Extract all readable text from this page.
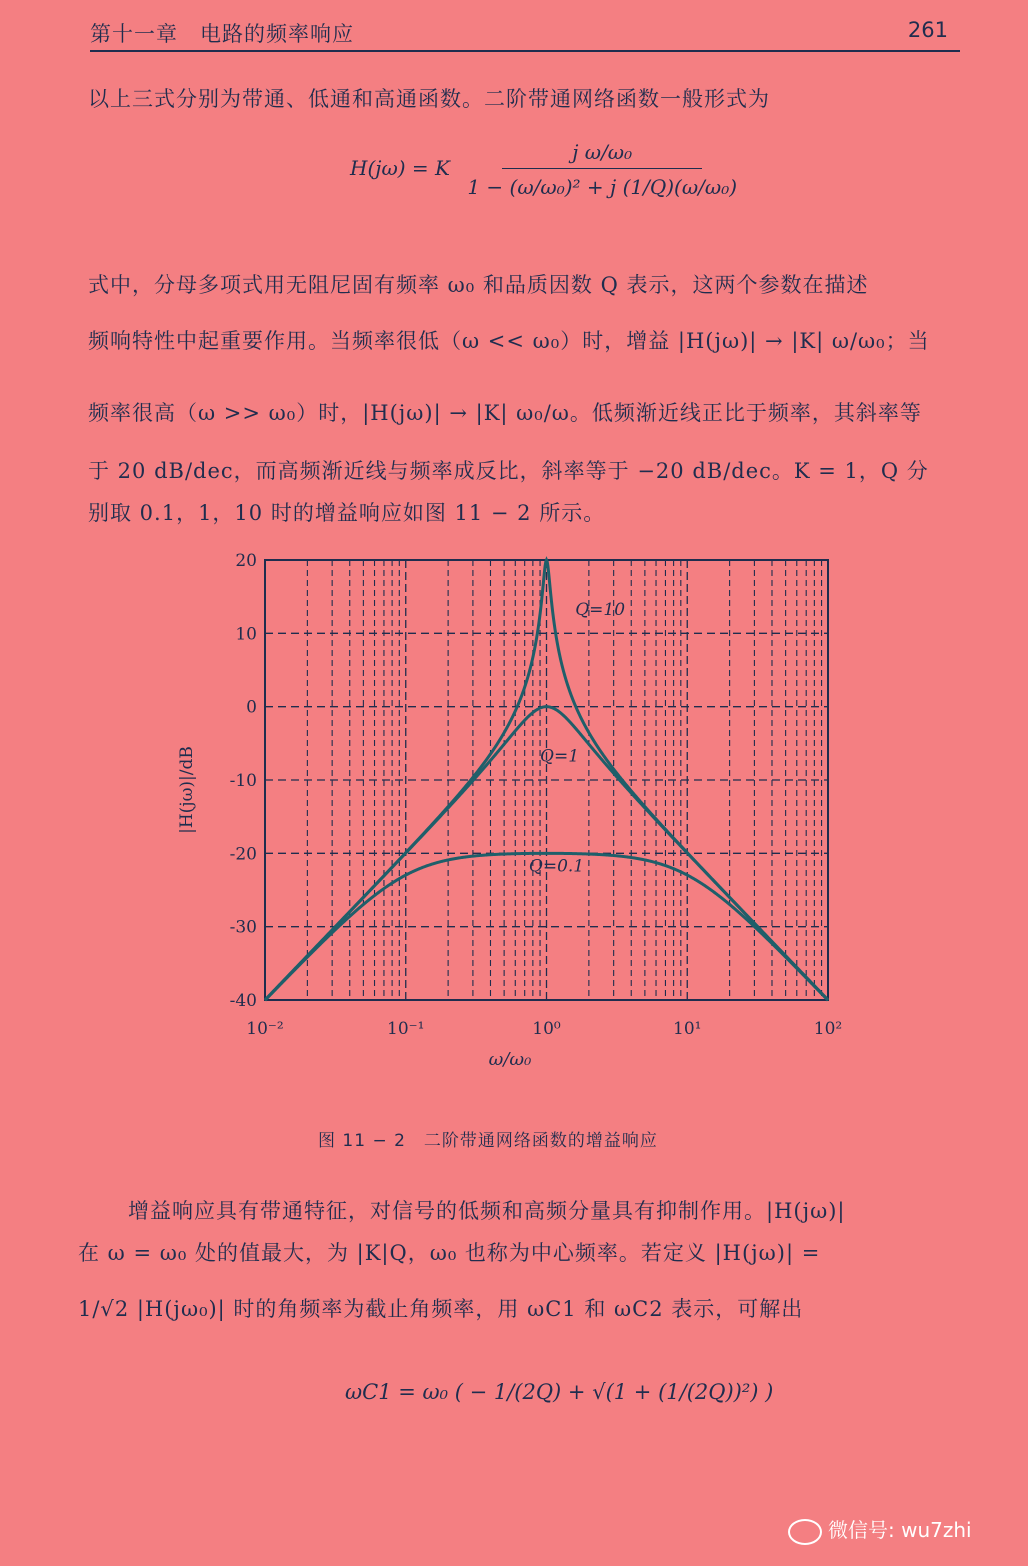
第十一章　电路的频率响应	261
以上三式分别为带通、低通和高通函数。二阶带通网络函数一般形式为
H(jω) = K $\frac{\text{j ω/ω₀}}{\text{1 − (ω/ω₀)² + j (1/Q)(ω/ω₀)}}$
式中，分母多项式用无阻尼固有频率 ω₀ 和品质因数 Q 表示，这两个参数在描述
频响特性中起重要作用。当频率很低（ω << ω₀）时，增益 |H(jω)| → |K| ω/ω₀；当
频率很高（ω >> ω₀）时，|H(jω)| → |K| ω₀/ω。低频渐近线正比于频率，其斜率等
于 20 dB/dec，而高频渐近线与频率成反比，斜率等于 −20 dB/dec。K = 1，Q 分
别取 0.1，1，10 时的增益响应如图 11 − 2 所示。
20
10
0
-10
-20
-30
-40
10⁻²	10⁻¹	10⁰	10¹	10²
Q=10
Q=1
Q=0.1
|H(jω)|/dB
ω/ω₀
图 11 − 2　二阶带通网络函数的增益响应
增益响应具有带通特征，对信号的低频和高频分量具有抑制作用。|H(jω)|
在 ω = ω₀ 处的值最大，为 |K|Q，ω₀ 也称为中心频率。若定义 |H(jω)| =
1/√2 |H(jω₀)| 时的角频率为截止角频率，用 ωC1 和 ωC2 表示，可解出
ωC1 = ω₀ ( − 1/(2Q) + √(1 + (1/(2Q))²) )
微信号: wu7zhi
